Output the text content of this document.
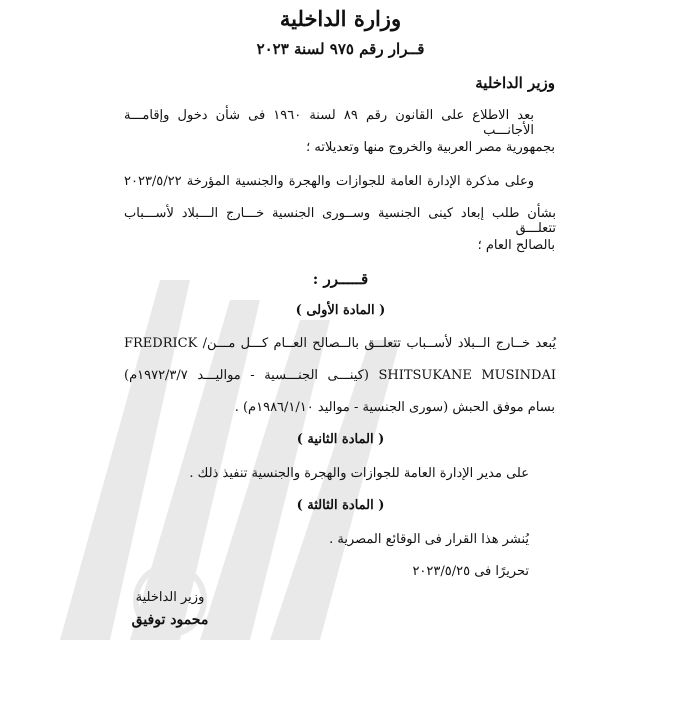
وزارة الداخلية
قــرار رقم ٩٧٥ لسنة ٢٠٢٣
وزير الداخلية
بعد الاطلاع على القانون رقم ٨٩ لسنة ١٩٦٠ فى شأن دخول وإقامـــة الأجانـــب
بجمهورية مصر العربية والخروج منها وتعديلاته ؛
وعلى مذكرة الإدارة العامة للجوازات والهجرة والجنسية المؤرخة ٢٠٢٣/٥/٢٢
بشأن طلب إبعاد كينى الجنسية وســورى الجنسية خـــارج الـــبلاد لأســـباب تتعلـــق
بالصالح العام ؛
قـــــرر :
( المادة الأولى )
يُبعد خــارج الــبلاد لأســباب تتعلــق بالــصالح العــام كـــل مـــن/ FREDRICK
SHITSUKANE MUSINDAI (كينـــى الجنـــسية - مواليـــد ١٩٧٢/٣/٧م)
بسام موفق الحبش (سورى الجنسية - مواليد ١٩٨٦/١/١٠م) .
( المادة الثانية )
على مدير الإدارة العامة للجوازات والهجرة والجنسية تنفيذ ذلك .
( المادة الثالثة )
يُنشر هذا القرار فى الوقائع المصرية .
تحريرًا فى ٢٠٢٣/٥/٢٥
وزير الداخلية
محمود توفيق
